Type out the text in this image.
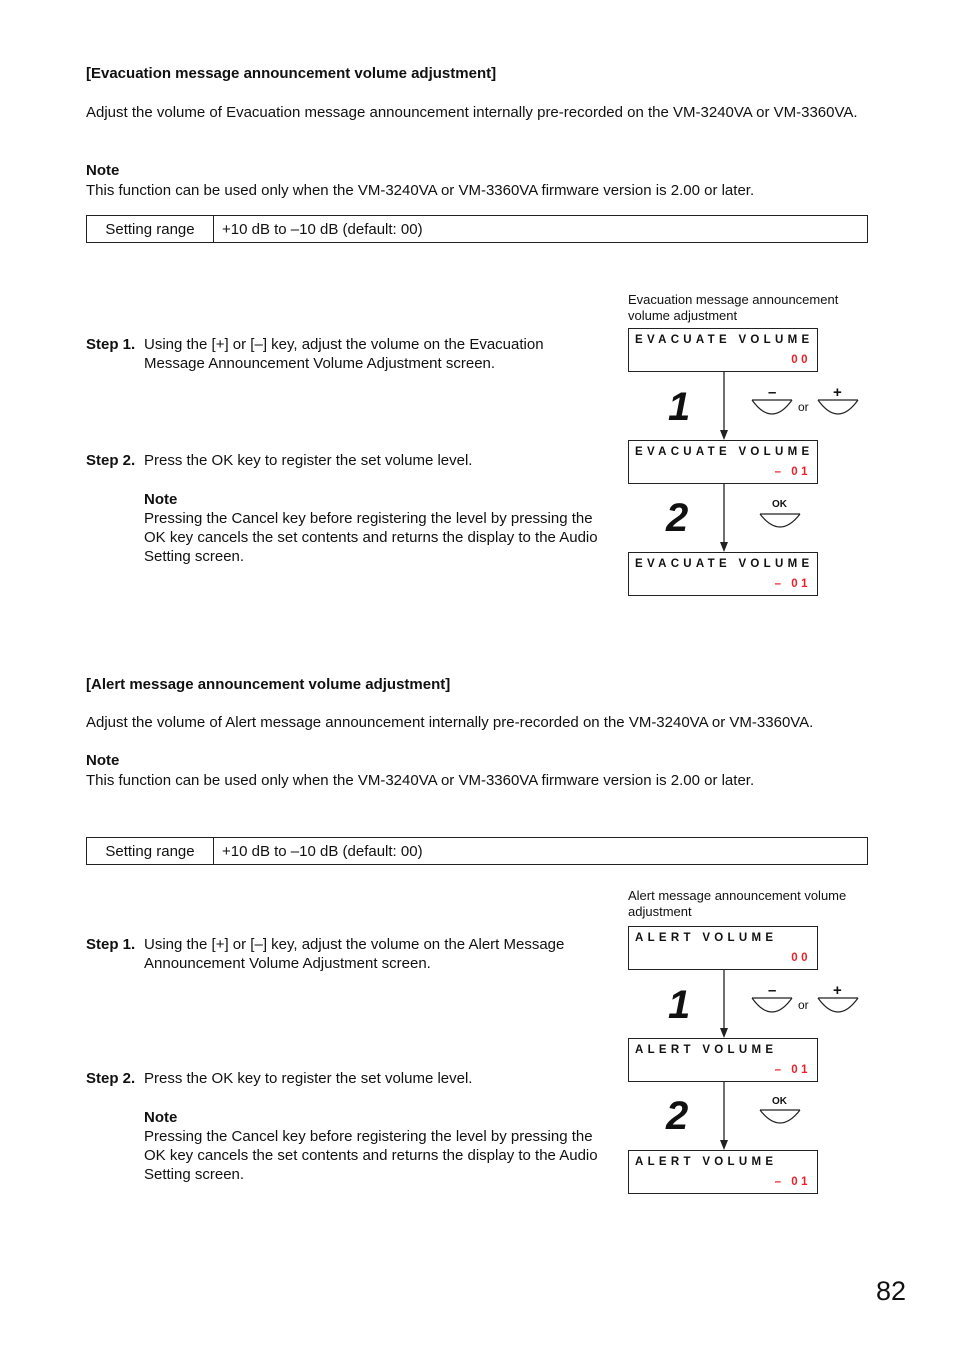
[Evacuation message announcement volume adjustment]
Adjust the volume of Evacuation message announcement internally pre-recorded on the VM-3240VA or VM-3360VA.
Note
This function can be used only when the VM-3240VA or VM-3360VA firmware version is 2.00 or later.
Setting range	+10 dB to –10 dB (default: 00)
Step 1. Using the [+] or [–] key, adjust the volume on the Evacuation Message Announcement Volume Adjustment screen.
Step 2. Press the OK key to register the set volume level.
Note
Pressing the Cancel key before registering the level by pressing the OK key cancels the set contents and returns the display to the Audio Setting screen.
Evacuation message announcement volume adjustment
EVACUATE VOLUME
00
EVACUATE VOLUME
– 01
EVACUATE VOLUME
– 01
1
2
–	+
or
OK
[Alert message announcement volume adjustment]
Adjust the volume of Alert message announcement internally pre-recorded on the VM-3240VA or VM-3360VA.
Note
This function can be used only when the VM-3240VA or VM-3360VA firmware version is 2.00 or later.
Setting range	+10 dB to –10 dB (default: 00)
Step 1. Using the [+] or [–] key, adjust the volume on the Alert Message Announcement Volume Adjustment screen.
Step 2. Press the OK key to register the set volume level.
Note
Pressing the Cancel key before registering the level by pressing the OK key cancels the set contents and returns the display to the Audio Setting screen.
Alert message announcement volume adjustment
ALERT VOLUME
00
ALERT VOLUME
– 01
ALERT VOLUME
– 01
1
2
–	+
or
OK
82
